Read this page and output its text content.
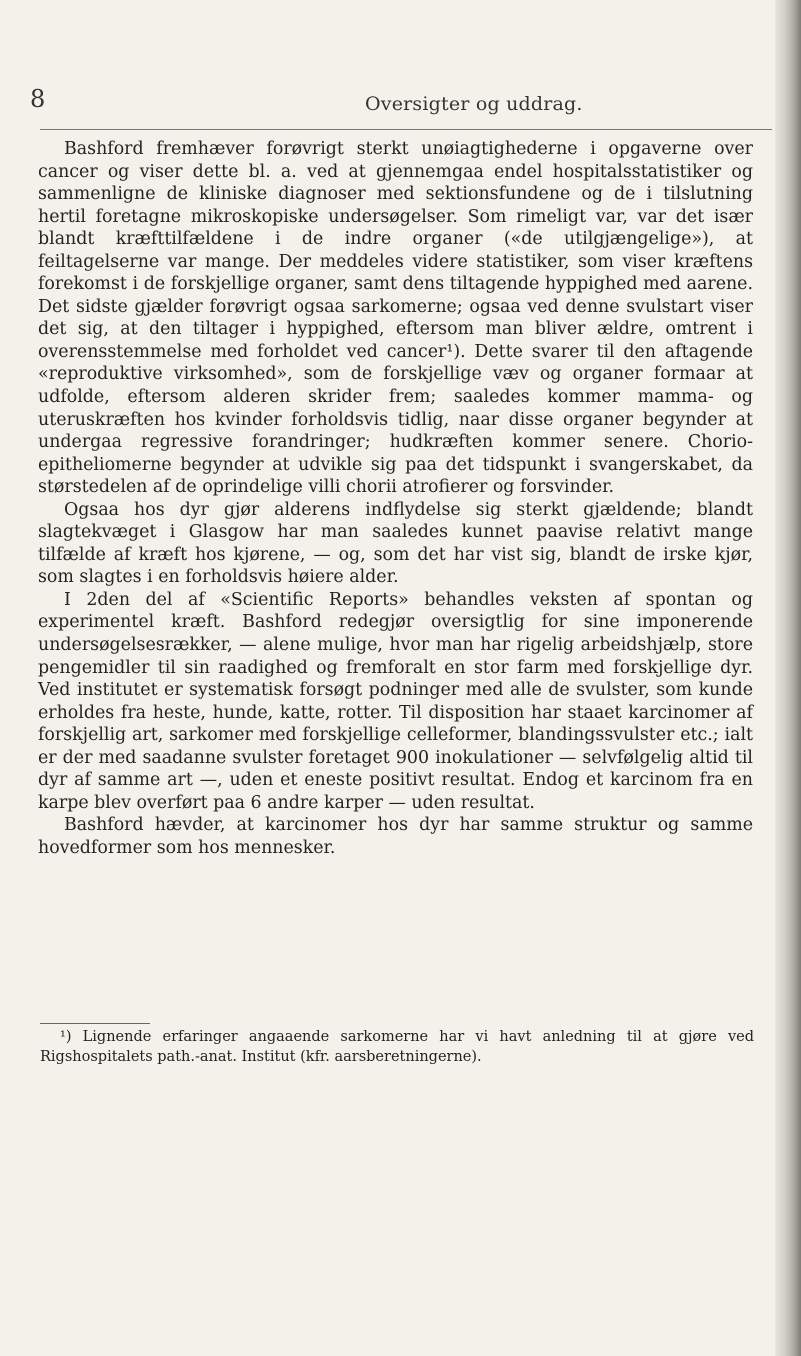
8	Oversigter og uddrag.

Bashford fremhæver forøvrigt sterkt unøiagtighederne i opgaverne over cancer og viser dette bl. a. ved at gjennemgaa endel hospitalsstatistiker og sammenligne de kliniske diagnoser med sektionsfundene og de i tilslutning hertil foretagne mikroskopiske undersøgelser. Som rimeligt var, var det især blandt kræfttilfældene i de indre organer («de utilgjængelige»), at feiltagelserne var mange. Der meddeles videre statistiker, som viser kræftens forekomst i de forskjellige organer, samt dens tiltagende hyppighed med aarene. Det sidste gjælder forøvrigt ogsaa sarkomerne; ogsaa ved denne svulstart viser det sig, at den tiltager i hyppighed, eftersom man bliver ældre, omtrent i overensstemmelse med forholdet ved cancer¹). Dette svarer til den aftagende «reproduktive virksomhed», som de forskjellige væv og organer formaar at udfolde, eftersom alderen skrider frem; saaledes kommer mamma- og uteruskræften hos kvinder forholdsvis tidlig, naar disse organer begynder at undergaa regressive forandringer; hudkræften kommer senere. Chorio-epitheliomerne begynder at udvikle sig paa det tidspunkt i svangerskabet, da størstedelen af de oprindelige villi chorii atrofierer og forsvinder.

Ogsaa hos dyr gjør alderens indflydelse sig sterkt gjældende; blandt slagtekvæget i Glasgow har man saaledes kunnet paavise relativt mange tilfælde af kræft hos kjørene, — og, som det har vist sig, blandt de irske kjør, som slagtes i en forholdsvis høiere alder.

I 2den del af «Scientific Reports» behandles veksten af spontan og experimentel kræft. Bashford redegjør oversigtlig for sine imponerende undersøgelsesrækker, — alene mulige, hvor man har rigelig arbeidshjælp, store pengemidler til sin raadighed og fremforalt en stor farm med forskjellige dyr. Ved institutet er systematisk forsøgt podninger med alle de svulster, som kunde erholdes fra heste, hunde, katte, rotter. Til disposition har staaet karcinomer af forskjellig art, sarkomer med forskjellige celleformer, blandingssvulster etc.; ialt er der med saadanne svulster foretaget 900 inokulationer — selvfølgelig altid til dyr af samme art —, uden et eneste positivt resultat. Endog et karcinom fra en karpe blev overført paa 6 andre karper — uden resultat.

Bashford hævder, at karcinomer hos dyr har samme struktur og samme hovedformer som hos mennesker.

¹) Lignende erfaringer angaaende sarkomerne har vi havt anledning til at gjøre ved Rigshospitalets path.-anat. Institut (kfr. aarsberetningerne).
